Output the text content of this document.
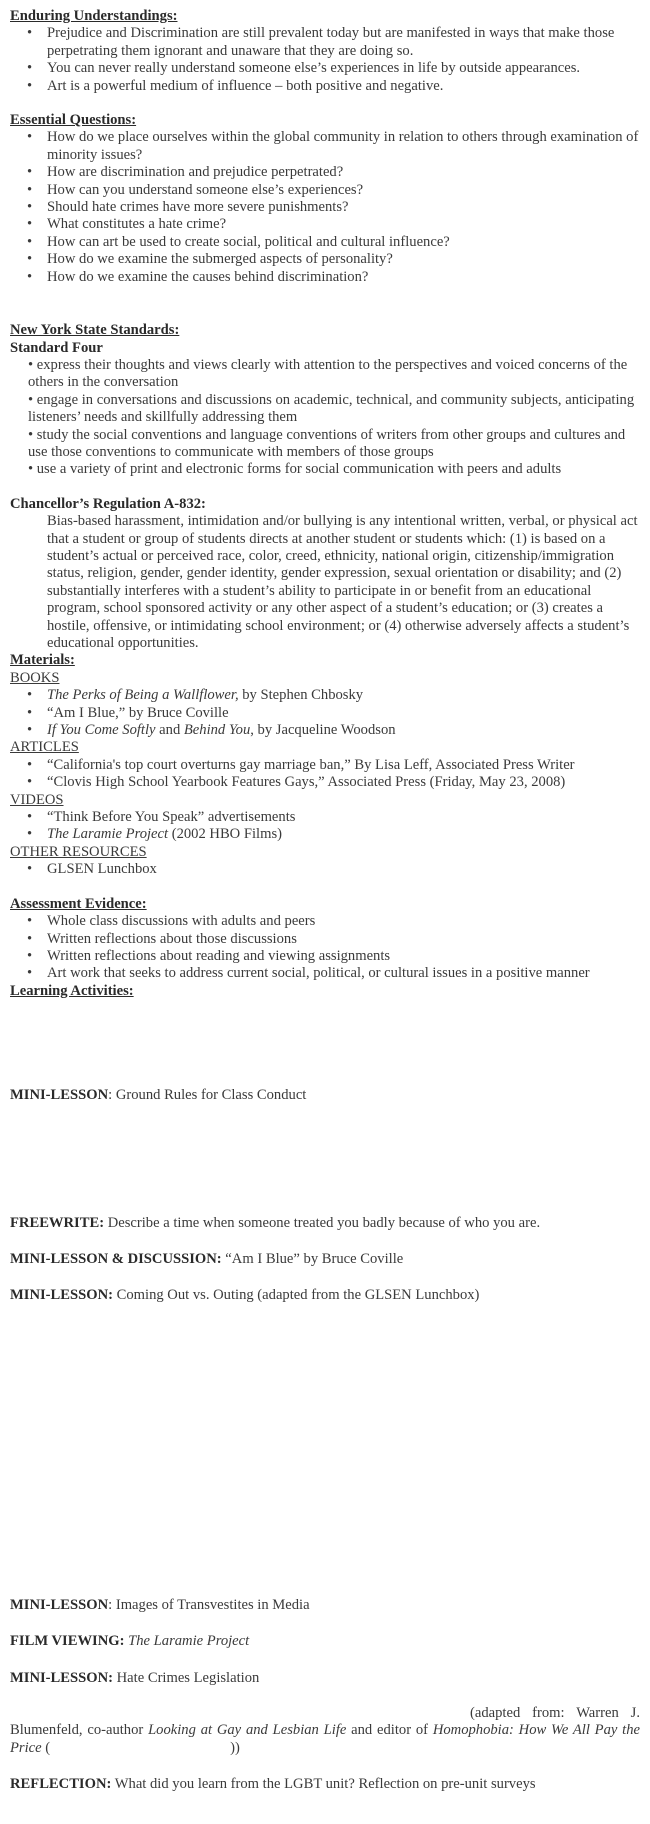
Enduring Understandings:
• Prejudice and Discrimination are still prevalent today but are manifested in ways that make those perpetrating them ignorant and unaware that they are doing so.
• You can never really understand someone else’s experiences in life by outside appearances.
• Art is a powerful medium of influence – both positive and negative.
Essential Questions:
• How do we place ourselves within the global community in relation to others through examination of minority issues?
• How are discrimination and prejudice perpetrated?
• How can you understand someone else’s experiences?
• Should hate crimes have more severe punishments?
• What constitutes a hate crime?
• How can art be used to create social, political and cultural influence?
• How do we examine the submerged aspects of personality?
• How do we examine the causes behind discrimination?
New York State Standards:
Standard Four
• express their thoughts and views clearly with attention to the perspectives and voiced concerns of the others in the conversation
• engage in conversations and discussions on academic, technical, and community subjects, anticipating listeners’ needs and skillfully addressing them
• study the social conventions and language conventions of writers from other groups and cultures and use those conventions to communicate with members of those groups
• use a variety of print and electronic forms for social communication with peers and adults
Chancellor’s Regulation A-832:
Bias-based harassment, intimidation and/or bullying is any intentional written, verbal, or physical act that a student or group of students directs at another student or students which: (1) is based on a student’s actual or perceived race, color, creed, ethnicity, national origin, citizenship/immigration status, religion, gender, gender identity, gender expression, sexual orientation or disability; and (2) substantially interferes with a student’s ability to participate in or benefit from an educational program, school sponsored activity or any other aspect of a student’s education; or (3) creates a hostile, offensive, or intimidating school environment; or (4) otherwise adversely affects a student’s educational opportunities.
Materials:
BOOKS
• The Perks of Being a Wallflower, by Stephen Chbosky
• “Am I Blue,” by Bruce Coville
• If You Come Softly and Behind You, by Jacqueline Woodson
ARTICLES
• “California's top court overturns gay marriage ban,” By Lisa Leff, Associated Press Writer
• “Clovis High School Yearbook Features Gays,” Associated Press (Friday, May 23, 2008)
VIDEOS
• “Think Before You Speak” advertisements
• The Laramie Project (2002 HBO Films)
OTHER RESOURCES
• GLSEN Lunchbox
Assessment Evidence:
• Whole class discussions with adults and peers
• Written reflections about those discussions
• Written reflections about reading and viewing assignments
• Art work that seeks to address current social, political, or cultural issues in a positive manner
Learning Activities:
MINI-LESSON: Ground Rules for Class Conduct
FREEWRITE: Describe a time when someone treated you badly because of who you are.
MINI-LESSON & DISCUSSION: “Am I Blue” by Bruce Coville
MINI-LESSON: Coming Out vs. Outing (adapted from the GLSEN Lunchbox)
MINI-LESSON: Images of Transvestites in Media
FILM VIEWING: The Laramie Project
MINI-LESSON: Hate Crimes Legislation
(adapted from: Warren J. Blumenfeld, co-author Looking at Gay and Lesbian Life and editor of Homophobia: How We All Pay the Price (	))
REFLECTION: What did you learn from the LGBT unit? Reflection on pre-unit surveys
